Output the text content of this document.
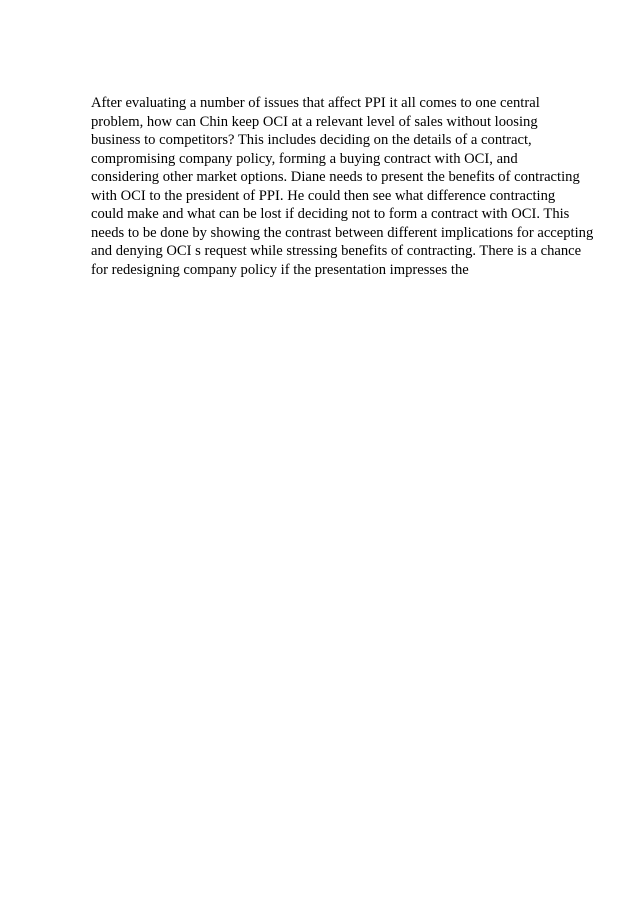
After evaluating a number of issues that affect PPI it all comes to one central
problem, how can Chin keep OCI at a relevant level of sales without loosing
business to competitors? This includes deciding on the details of a contract,
compromising company policy, forming a buying contract with OCI, and
considering other market options. Diane needs to present the benefits of contracting
with OCI to the president of PPI. He could then see what difference contracting
could make and what can be lost if deciding not to form a contract with OCI. This
needs to be done by showing the contrast between different implications for accepting
and denying OCI s request while stressing benefits of contracting. There is a chance
for redesigning company policy if the presentation impresses the
